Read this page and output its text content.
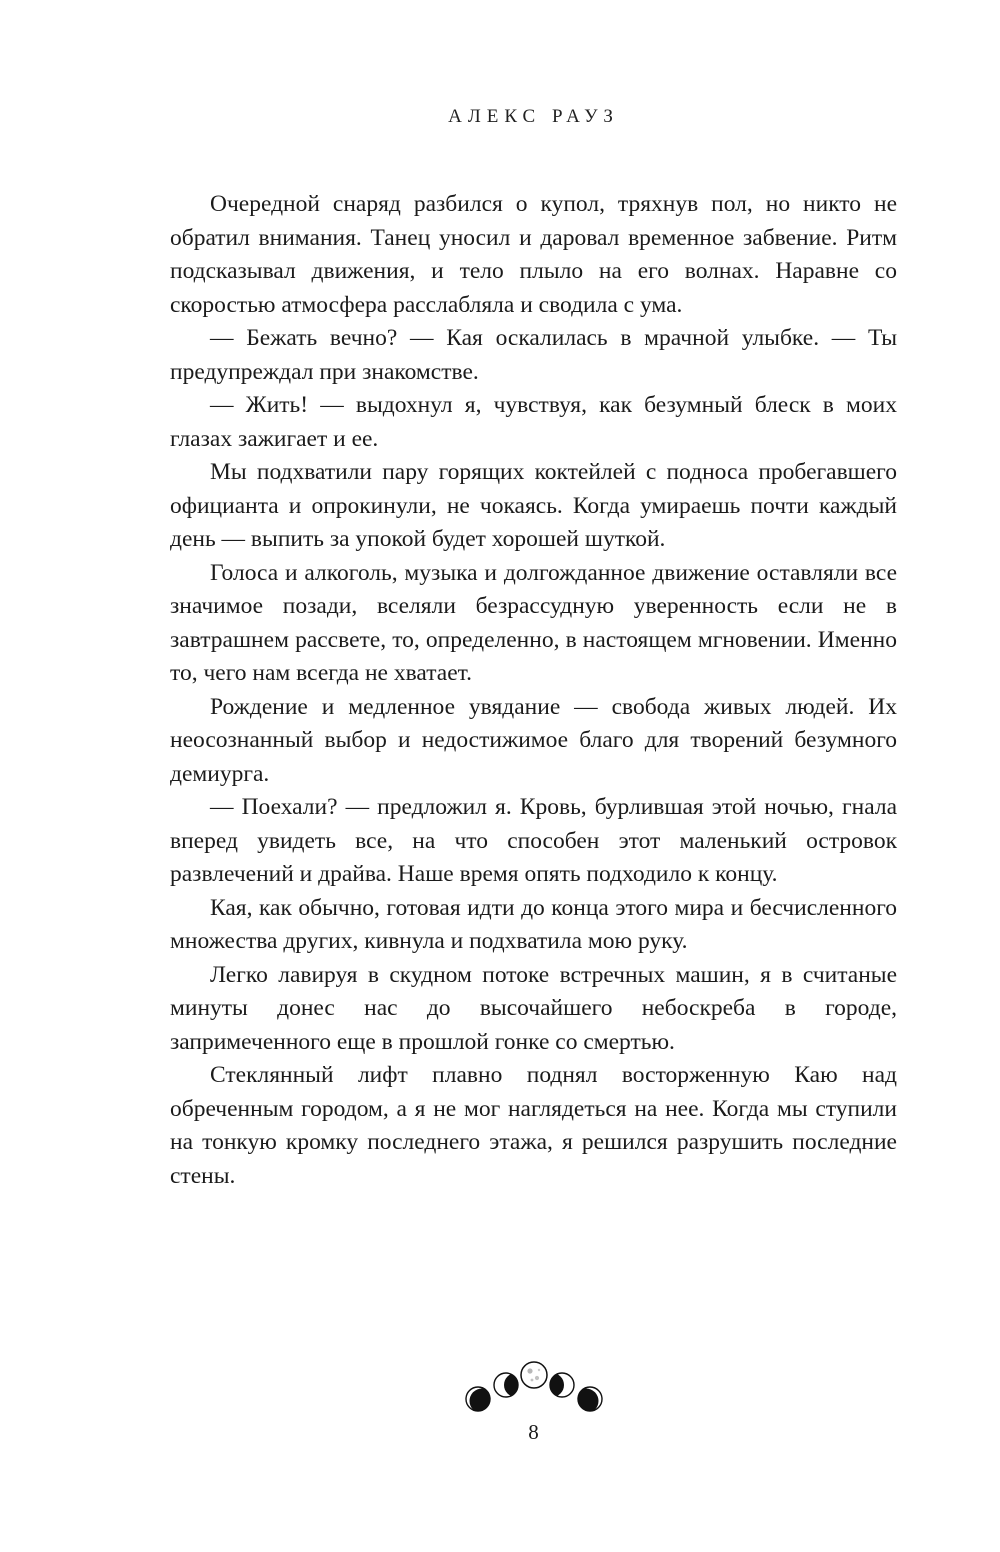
АЛЕКС РАУЗ

Очередной снаряд разбился о купол, тряхнув пол, но никто не обратил внимания. Танец уносил и даровал временное забвение. Ритм подсказывал движения, и тело плыло на его волнах. Наравне со скоростью атмосфера расслабляла и сводила с ума.

— Бежать вечно? — Кая оскалилась в мрачной улыбке. — Ты предупреждал при знакомстве.

— Жить! — выдохнул я, чувствуя, как безумный блеск в моих глазах зажигает и ее.

Мы подхватили пару горящих коктейлей с подноса пробегавшего официанта и опрокинули, не чокаясь. Когда умираешь почти каждый день — выпить за упокой будет хорошей шуткой.

Голоса и алкоголь, музыка и долгожданное движение оставляли все значимое позади, вселяли безрассудную уверенность если не в завтрашнем рассвете, то, определенно, в настоящем мгновении. Именно то, чего нам всегда не хватает.

Рождение и медленное увядание — свобода живых людей. Их неосознанный выбор и недостижимое благо для творений безумного демиурга.

— Поехали? — предложил я. Кровь, бурлившая этой ночью, гнала вперед увидеть все, на что способен этот маленький островок развлечений и драйва. Наше время опять подходило к концу.

Кая, как обычно, готовая идти до конца этого мира и бесчисленного множества других, кивнула и подхватила мою руку.

Легко лавируя в скудном потоке встречных машин, я в считаные минуты донес нас до высочайшего небоскреба в городе, запримеченного еще в прошлой гонке со смертью.

Стеклянный лифт плавно поднял восторженную Каю над обреченным городом, а я не мог наглядеться на нее. Когда мы ступили на тонкую кромку последнего этажа, я решился разрушить последние стены.

8
